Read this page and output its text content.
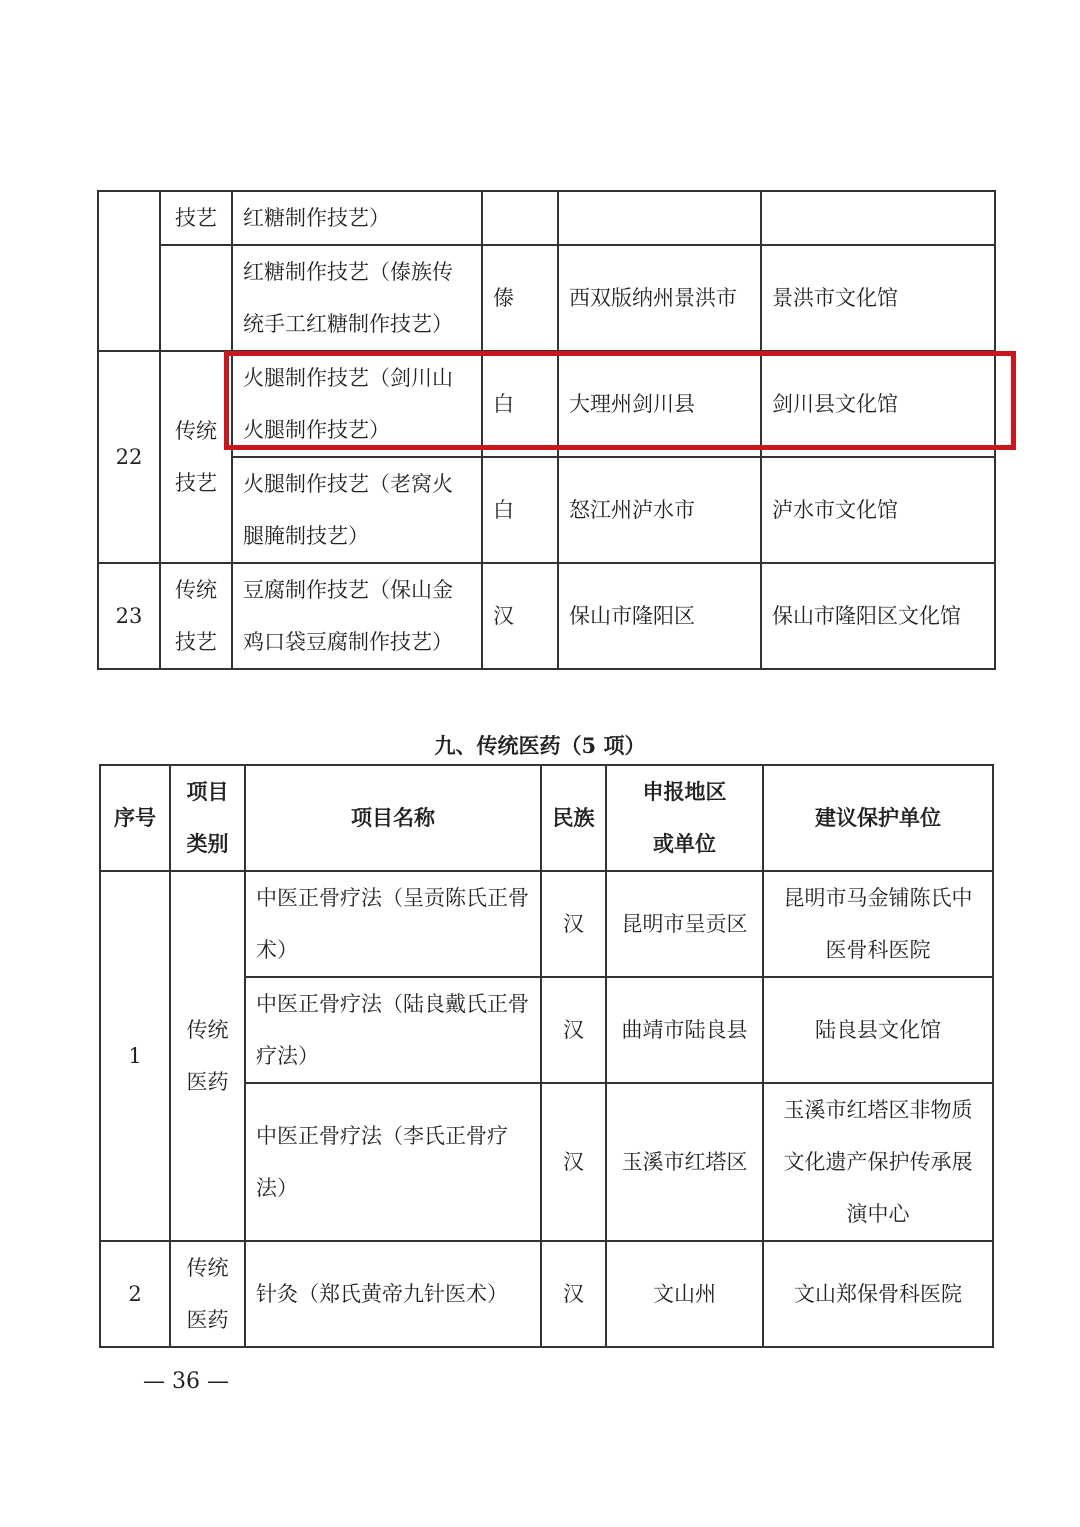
	技艺	红糖制作技艺）			
		红糖制作技艺（傣族传统手工红糖制作技艺）	傣	西双版纳州景洪市	景洪市文化馆
22	传统技艺	火腿制作技艺（剑川山火腿制作技艺）	白	大理州剑川县	剑川县文化馆
		火腿制作技艺（老窝火腿腌制技艺）	白	怒江州泸水市	泸水市文化馆
23	传统技艺	豆腐制作技艺（保山金鸡口袋豆腐制作技艺）	汉	保山市隆阳区	保山市隆阳区文化馆
九、传统医药（5 项）
序号	项目类别	项目名称	民族	申报地区或单位	建议保护单位
1	传统医药	中医正骨疗法（呈贡陈氏正骨术）	汉	昆明市呈贡区	昆明市马金铺陈氏中医骨科医院
		中医正骨疗法（陆良戴氏正骨疗法）	汉	曲靖市陆良县	陆良县文化馆
		中医正骨疗法（李氏正骨疗法）	汉	玉溪市红塔区	玉溪市红塔区非物质文化遗产保护传承展演中心
2	传统医药	针灸（郑氏黄帝九针医术）	汉	文山州	文山郑保骨科医院
— 36 —
